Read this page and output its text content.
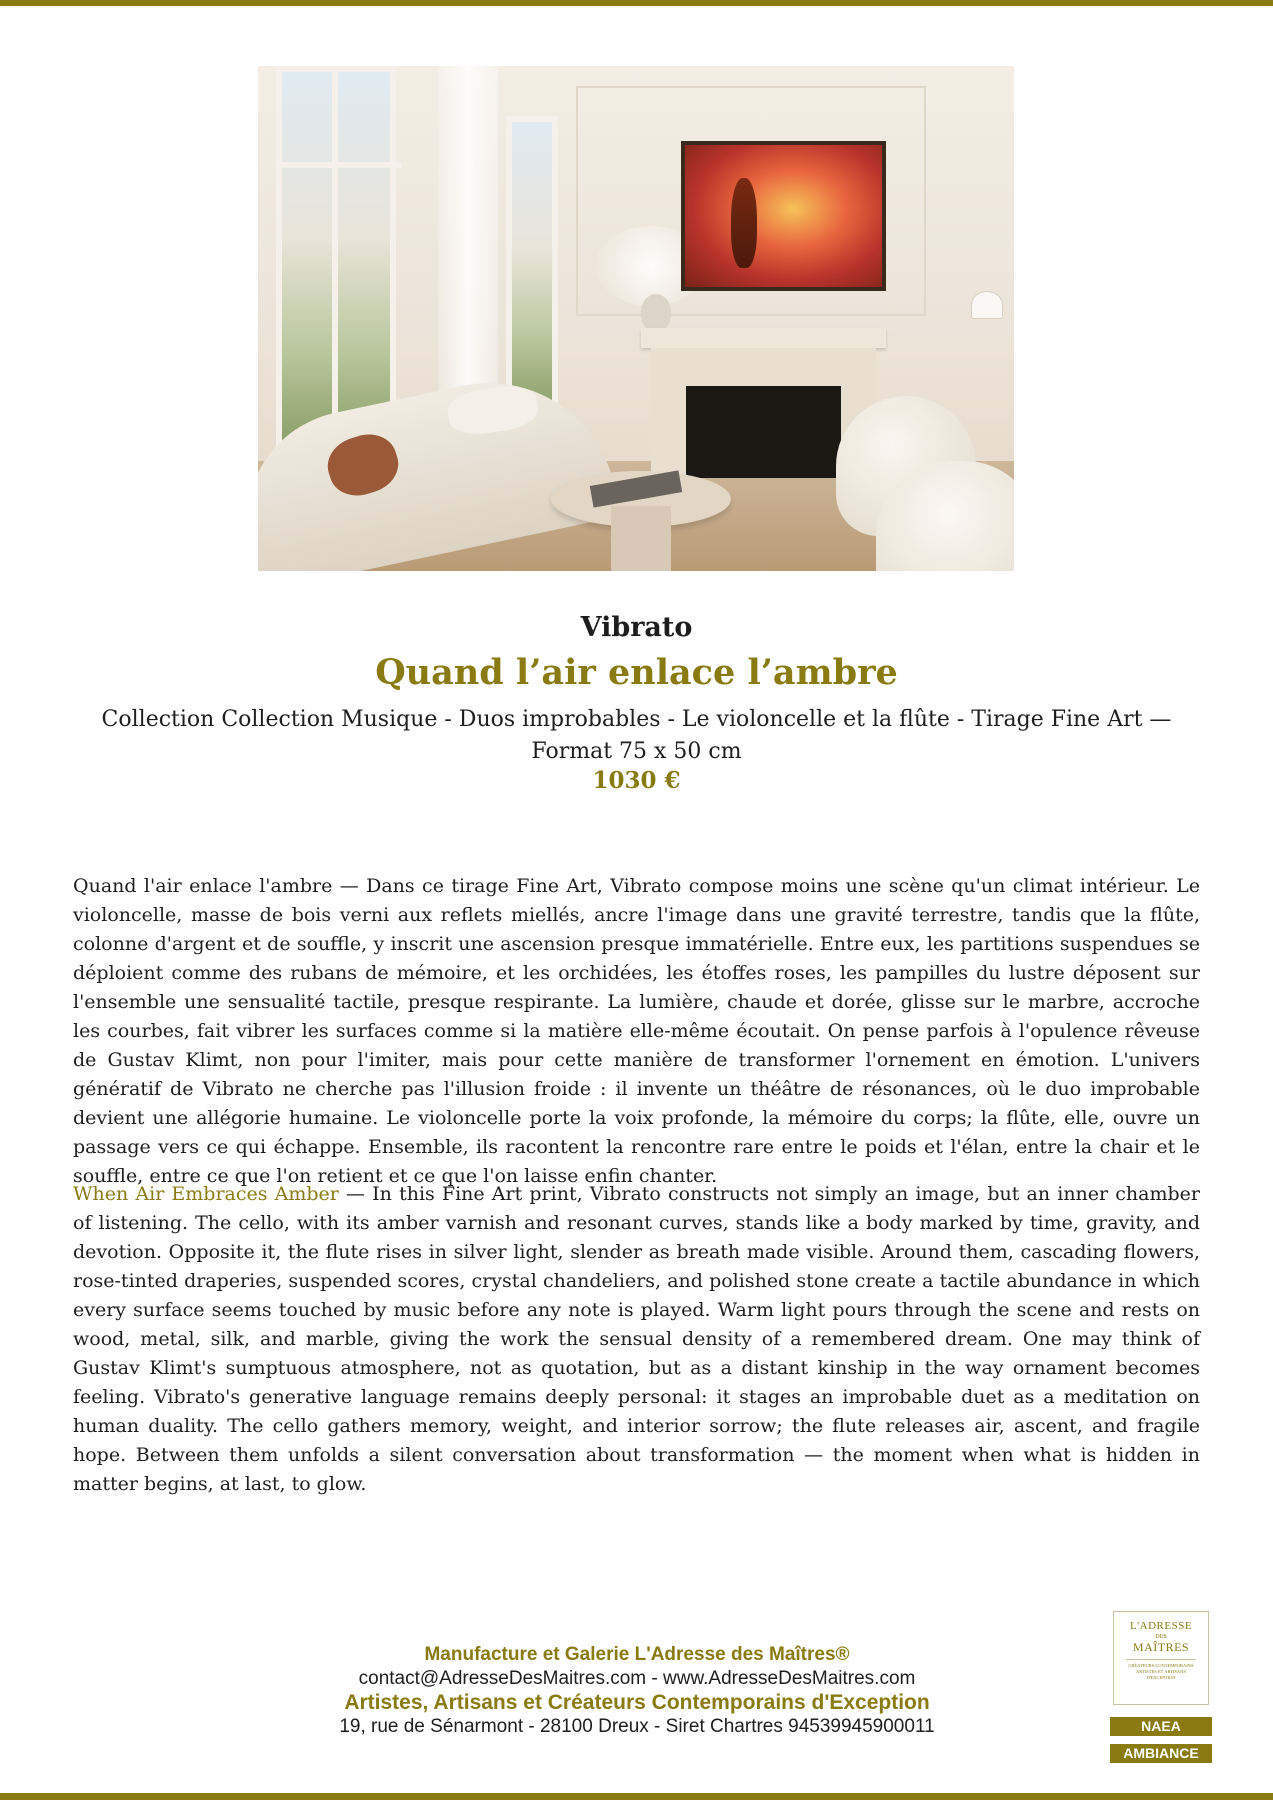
Vibrato
Quand l’air enlace l’ambre
Collection Collection Musique - Duos improbables - Le violoncelle et la flûte - Tirage Fine Art — Format 75 x 50 cm
1030 €

Quand l'air enlace l'ambre — Dans ce tirage Fine Art, Vibrato compose moins une scène qu'un climat intérieur. Le violoncelle, masse de bois verni aux reflets miellés, ancre l'image dans une gravité terrestre, tandis que la flûte, colonne d'argent et de souffle, y inscrit une ascension presque immatérielle. Entre eux, les partitions suspendues se déploient comme des rubans de mémoire, et les orchidées, les étoffes roses, les pampilles du lustre déposent sur l'ensemble une sensualité tactile, presque respirante. La lumière, chaude et dorée, glisse sur le marbre, accroche les courbes, fait vibrer les surfaces comme si la matière elle-même écoutait. On pense parfois à l'opulence rêveuse de Gustav Klimt, non pour l'imiter, mais pour cette manière de transformer l'ornement en émotion. L'univers génératif de Vibrato ne cherche pas l'illusion froide : il invente un théâtre de résonances, où le duo improbable devient une allégorie humaine. Le violoncelle porte la voix profonde, la mémoire du corps; la flûte, elle, ouvre un passage vers ce qui échappe. Ensemble, ils racontent la rencontre rare entre le poids et l'élan, entre la chair et le souffle, entre ce que l'on retient et ce que l'on laisse enfin chanter.

When Air Embraces Amber — In this Fine Art print, Vibrato constructs not simply an image, but an inner chamber of listening. The cello, with its amber varnish and resonant curves, stands like a body marked by time, gravity, and devotion. Opposite it, the flute rises in silver light, slender as breath made visible. Around them, cascading flowers, rose-tinted draperies, suspended scores, crystal chandeliers, and polished stone create a tactile abundance in which every surface seems touched by music before any note is played. Warm light pours through the scene and rests on wood, metal, silk, and marble, giving the work the sensual density of a remembered dream. One may think of Gustav Klimt's sumptuous atmosphere, not as quotation, but as a distant kinship in the way ornament becomes feeling. Vibrato's generative language remains deeply personal: it stages an improbable duet as a meditation on human duality. The cello gathers memory, weight, and interior sorrow; the flute releases air, ascent, and fragile hope. Between them unfolds a silent conversation about transformation — the moment when what is hidden in matter begins, at last, to glow.

Manufacture et Galerie L'Adresse des Maîtres®
contact@AdresseDesMaitres.com - www.AdresseDesMaitres.com
Artistes, Artisans et Créateurs Contemporains d'Exception
19, rue de Sénarmont - 28100 Dreux - Siret Chartres 94539945900011
L'ADRESSE
DES
MAÎTRES
CRÉATEURS CONTEMPORAINS ARTISTES ET ARTISANS D'EXCEPTION
NAEA
AMBIANCE
